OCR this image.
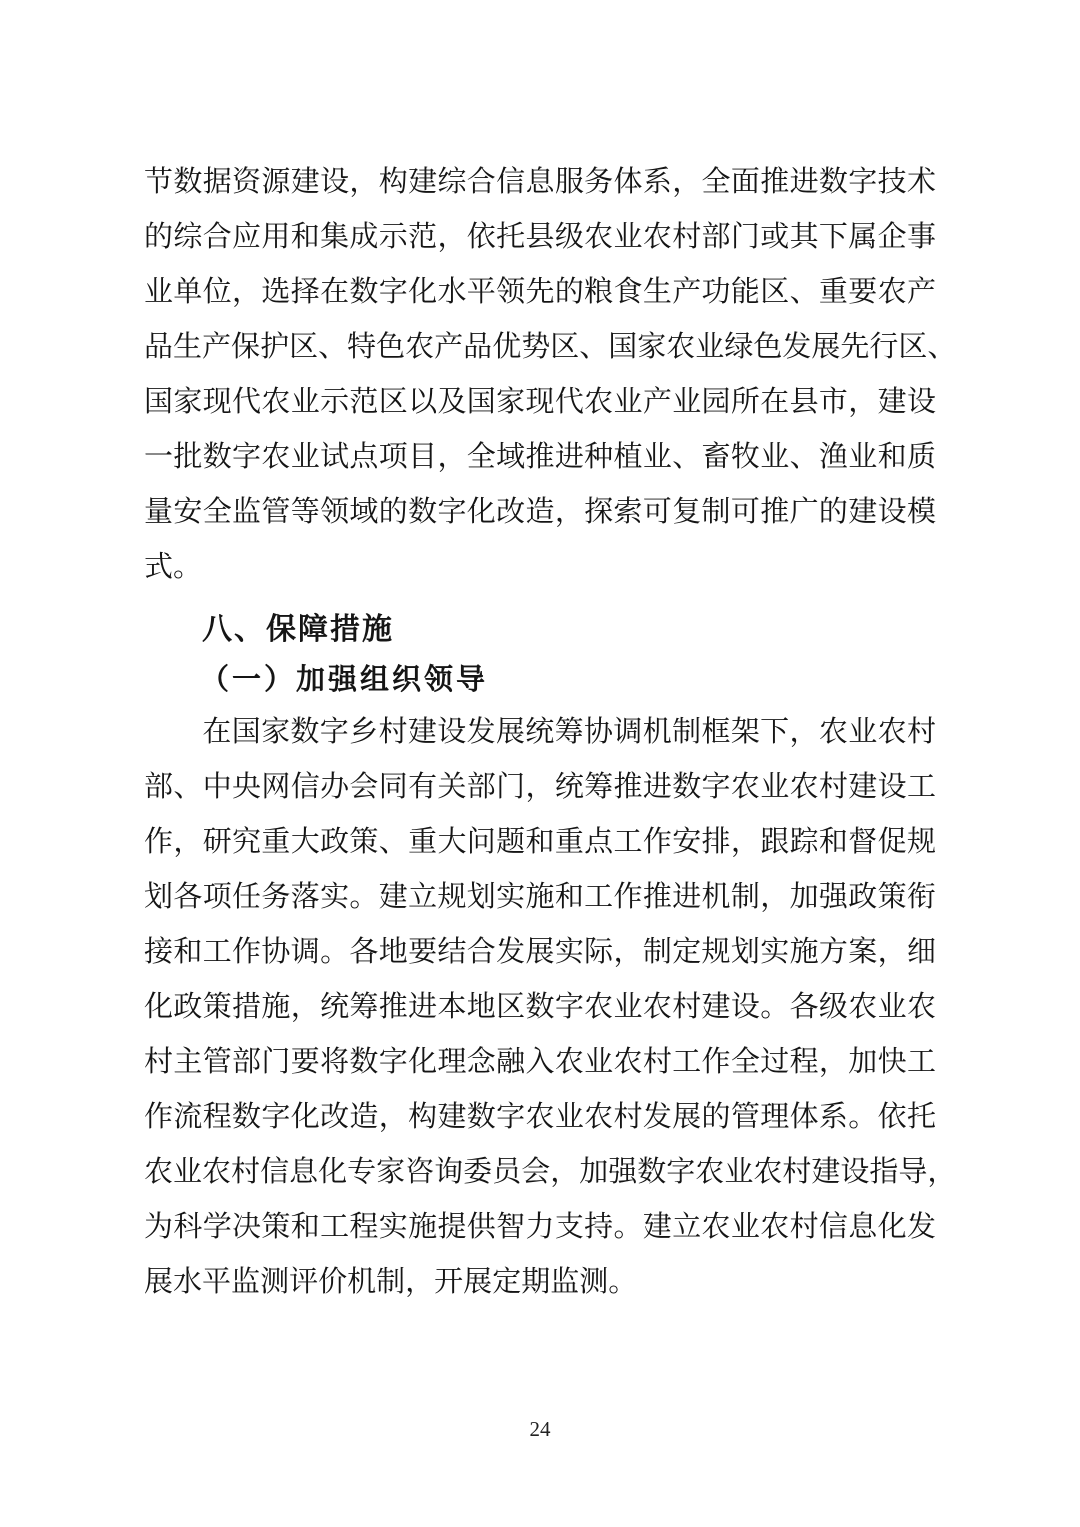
节 数 据 资 源 建 设 ， 构 建 综 合 信 息 服 务 体 系 ， 全 面 推 进 数 字 技 术
的 综 合 应 用 和 集 成 示 范 ， 依 托 县 级 农 业 农 村 部 门 或 其 下 属 企 事
业 单 位 ， 选 择 在 数 字 化 水 平 领 先 的 粮 食 生 产 功 能 区 、 重 要 农 产
品 生 产 保 护 区 、 特 色 农 产 品 优 势 区 、 国 家 农 业 绿 色 发 展 先 行 区 、
国 家 现 代 农 业 示 范 区 以 及 国 家 现 代 农 业 产 业 园 所 在 县 市 ， 建 设
一 批 数 字 农 业 试 点 项 目 ， 全 域 推 进 种 植 业 、 畜 牧 业 、 渔 业 和 质
量 安 全 监 管 等 领 域 的 数 字 化 改 造 ， 探 索 可 复 制 可 推 广 的 建 设 模
式 。
八、保障措施
（一）加强组织领导
在 国 家 数 字 乡 村 建 设 发 展 统 筹 协 调 机 制 框 架 下 ， 农 业 农 村
部 、 中 央 网 信 办 会 同 有 关 部 门 ， 统 筹 推 进 数 字 农 业 农 村 建 设 工
作 ， 研 究 重 大 政 策 、 重 大 问 题 和 重 点 工 作 安 排 ， 跟 踪 和 督 促 规
划 各 项 任 务 落 实 。 建 立 规 划 实 施 和 工 作 推 进 机 制 ， 加 强 政 策 衔
接 和 工 作 协 调 。 各 地 要 结 合 发 展 实 际 ， 制 定 规 划 实 施 方 案 ， 细
化 政 策 措 施 ， 统 筹 推 进 本 地 区 数 字 农 业 农 村 建 设 。 各 级 农 业 农
村 主 管 部 门 要 将 数 字 化 理 念 融 入 农 业 农 村 工 作 全 过 程 ， 加 快 工
作 流 程 数 字 化 改 造 ， 构 建 数 字 农 业 农 村 发 展 的 管 理 体 系 。 依 托
农 业 农 村 信 息 化 专 家 咨 询 委 员 会 ， 加 强 数 字 农 业 农 村 建 设 指 导 ，
为 科 学 决 策 和 工 程 实 施 提 供 智 力 支 持 。 建 立 农 业 农 村 信 息 化 发
展 水 平 监 测 评 价 机 制 ， 开 展 定 期 监 测 。
24
